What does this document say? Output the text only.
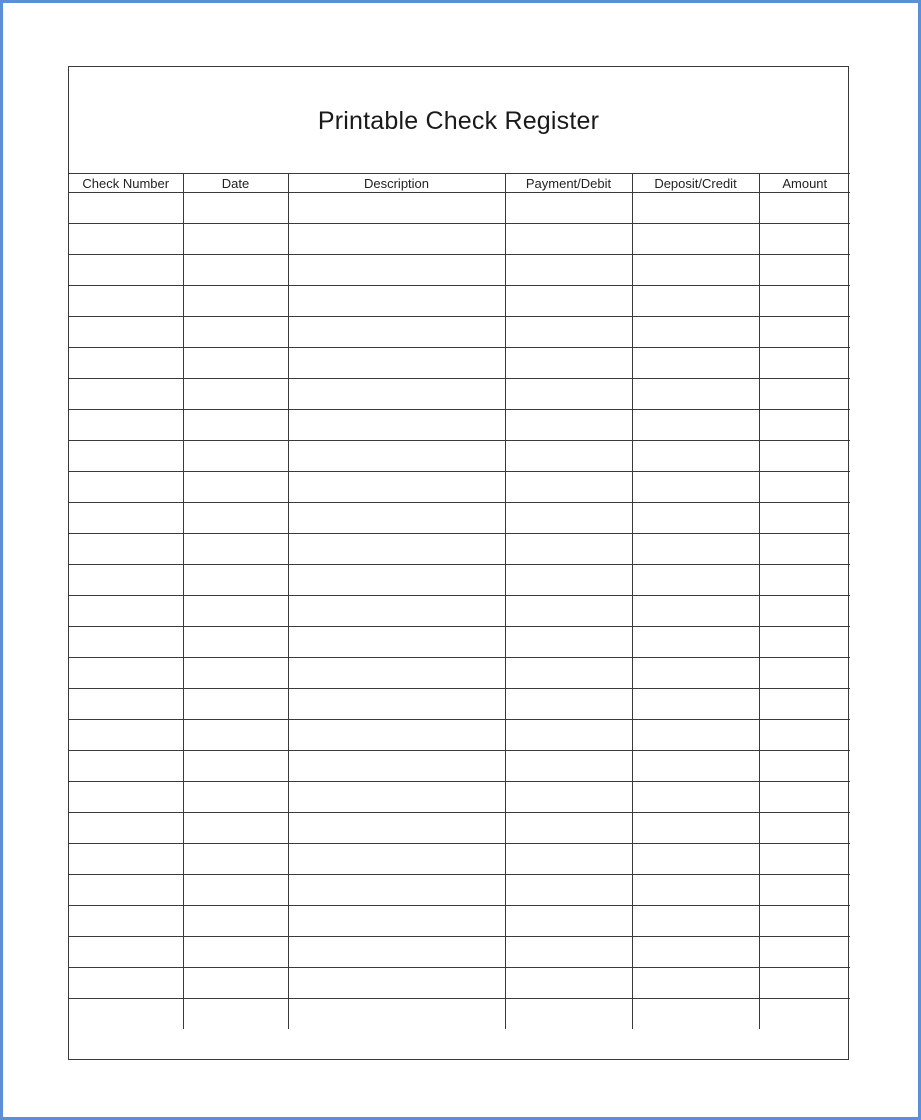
Printable Check Register
Check Number	Date	Description	Payment/Debit	Deposit/Credit	Amount
